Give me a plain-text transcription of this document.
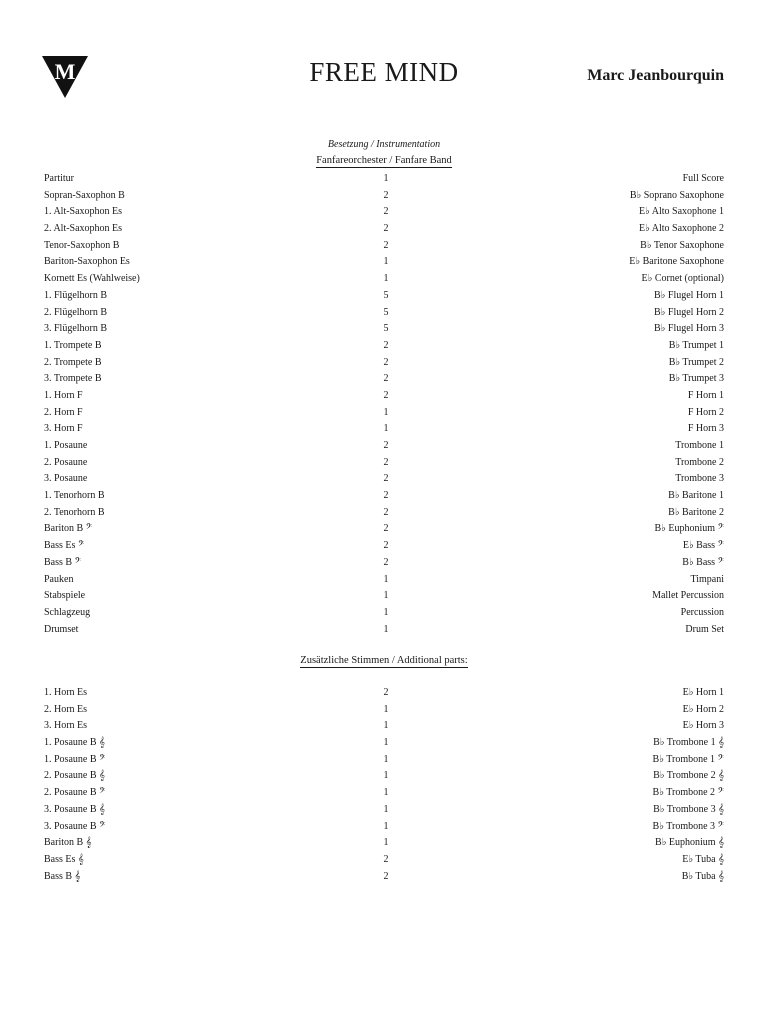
M	FREE MIND	Marc Jeanbourquin
Besetzung / Instrumentation
Fanfareorchester / Fanfare Band
Partitur	1	Full Score
Sopran-Saxophon B	2	B♭ Soprano Saxophone
1. Alt-Saxophon Es	2	E♭ Alto Saxophone 1
2. Alt-Saxophon Es	2	E♭ Alto Saxophone 2
Tenor-Saxophon B	2	B♭ Tenor Saxophone
Bariton-Saxophon Es	1	E♭ Baritone Saxophone
Kornett Es (Wahlweise)	1	E♭ Cornet (optional)
1. Flügelhorn B	5	B♭ Flugel Horn 1
2. Flügelhorn B	5	B♭ Flugel Horn 2
3. Flügelhorn B	5	B♭ Flugel Horn 3
1. Trompete B	2	B♭ Trumpet 1
2. Trompete B	2	B♭ Trumpet 2
3. Trompete B	2	B♭ Trumpet 3
1. Horn F	2	F Horn 1
2. Horn F	1	F Horn 2
3. Horn F	1	F Horn 3
1. Posaune	2	Trombone 1
2. Posaune	2	Trombone 2
3. Posaune	2	Trombone 3
1. Tenorhorn B	2	B♭ Baritone 1
2. Tenorhorn B	2	B♭ Baritone 2
Bariton B 𝄢	2	B♭ Euphonium 𝄢
Bass Es 𝄢	2	E♭ Bass 𝄢
Bass B 𝄢	2	B♭ Bass 𝄢
Pauken	1	Timpani
Stabspiele	1	Mallet Percussion
Schlagzeug	1	Percussion
Drumset	1	Drum Set
Zusätzliche Stimmen / Additional parts:
1. Horn Es	2	E♭ Horn 1
2. Horn Es	1	E♭ Horn 2
3. Horn Es	1	E♭ Horn 3
1. Posaune B 𝄞	1	B♭ Trombone 1 𝄞
1. Posaune B 𝄢	1	B♭ Trombone 1 𝄢
2. Posaune B 𝄞	1	B♭ Trombone 2 𝄞
2. Posaune B 𝄢	1	B♭ Trombone 2 𝄢
3. Posaune B 𝄞	1	B♭ Trombone 3 𝄞
3. Posaune B 𝄢	1	B♭ Trombone 3 𝄢
Bariton B 𝄞	1	B♭ Euphonium 𝄞
Bass Es 𝄞	2	E♭ Tuba 𝄞
Bass B 𝄞	2	B♭ Tuba 𝄞
